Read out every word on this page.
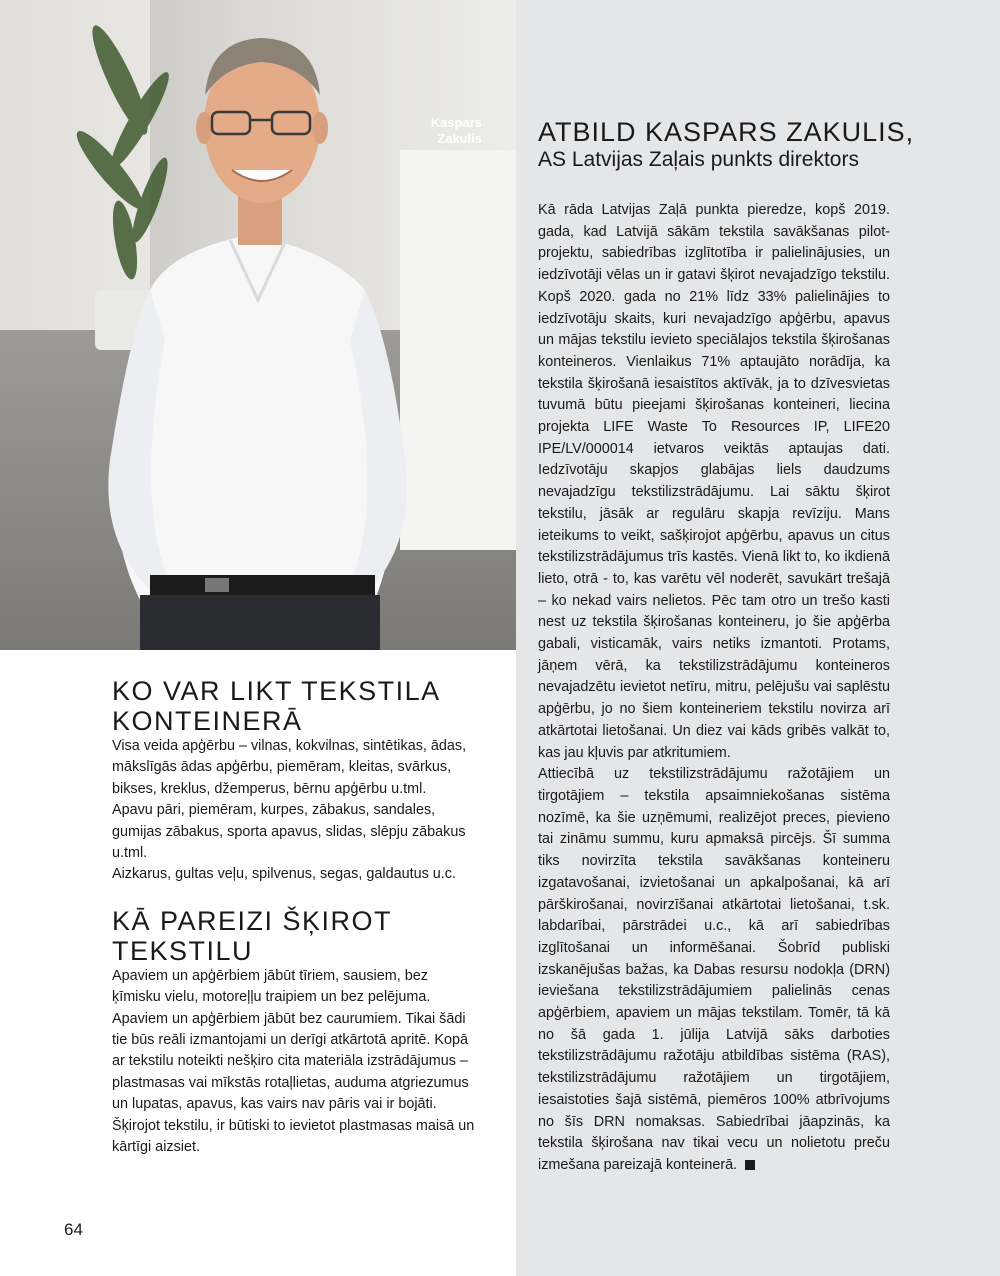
Kaspars
Zakulis ATBILD KASPARS ZAKULIS,
AS Latvijas Zaļais punkts direktors
Kā rāda Latvijas Zaļā punkta pieredze, kopš 2019. gada, kad Latvijā sākām tekstila savākšanas pilot-projektu, sabiedrības izglītotība ir palielinājusies, un iedzīvotāji vēlas un ir gatavi šķirot nevajadzīgo tekstilu. Kopš 2020. gada no 21% līdz 33% palielinājies to iedzīvotāju skaits, kuri nevajadzīgo apģērbu, apavus un mājas tekstilu ievieto speciālajos tekstila šķirošanas konteineros. Vienlaikus 71% aptaujāto norādīja, ka tekstila šķirošanā iesaistītos aktīvāk, ja to dzīvesvietas tuvumā būtu pieejami šķirošanas konteineri, liecina projekta LIFE Waste To Resources IP, LIFE20 IPE/LV/000014 ietvaros veiktās aptaujas dati. Iedzīvotāju skapjos glabājas liels daudzums nevajadzīgu tekstilizstrādājumu. Lai sāktu šķirot tekstilu, jāsāk ar regulāru skapja revīziju. Mans ieteikums to veikt, sašķirojot apģērbu, apavus un citus tekstilizstrādājumus trīs kastēs. Vienā likt to, ko ikdienā lieto, otrā - to, kas varētu vēl noderēt, savukārt trešajā – ko nekad vairs nelietos. Pēc tam otro un trešo kasti nest uz tekstila šķirošanas konteineru, jo šie apģērba gabali, visticamāk, vairs netiks izmantoti. Protams, jāņem vērā, ka tekstilizstrādājumu konteineros nevajadzētu ievietot netīru, mitru, pelējušu vai saplēstu apģērbu, jo no šiem konteineriem tekstilu novirza arī atkārtotai lietošanai. Un diez vai kāds gribēs valkāt to, kas jau kļuvis par atkritumiem.
Attiecībā uz tekstilizstrādājumu ražotājiem un tirgotājiem – tekstila apsaimniekošanas sistēma nozīmē, ka šie uzņēmumi, realizējot preces, pievieno tai zināmu summu, kuru apmaksā pircējs. Šī summa tiks novirzīta tekstila savākšanas konteineru izgatavošanai, izvietošanai un apkalpošanai, kā arī pārškirošanai, novirzīšanai atkārtotai lietošanai, t.sk. labdarībai, pārstrādei u.c., kā arī sabiedrības izglītošanai un informēšanai. Šobrīd publiski izskanējušas bažas, ka Dabas resursu nodokļa (DRN) ieviešana tekstilizstrādājumiem palielinās cenas apģērbiem, apaviem un mājas tekstilam. Tomēr, tā kā no šā gada 1. jūlija Latvijā sāks darboties tekstilizstrādājumu ražotāju atbildības sistēma (RAS), tekstilizstrādājumu ražotājiem un tirgotājiem, iesaistoties šajā sistēmā, piemēros 100% atbrīvojums no šīs DRN nomaksas. Sabiedrībai jāapzinās, ka tekstila šķirošana nav tikai vecu un nolietotu preču izmešana pareizajā konteinerā.
KO VAR LIKT TEKSTILA KONTEINERĀ

Visa veida apģērbu – vilnas, kokvilnas, sintētikas, ādas, mākslīgās ādas apģērbu, piemēram, kleitas, svārkus, bikses, kreklus, džemperus, bērnu apģērbu u.tml.
Apavu pāri, piemēram, kurpes, zābakus, sandales, gumijas zābakus, sporta apavus, slidas, slēpju zābakus u.tml.
Aizkarus, gultas veļu, spilvenus, segas, galdautus u.c.

KĀ PAREIZI ŠĶIROT TEKSTILU

Apaviem un apģērbiem jābūt tīriem, sausiem, bez ķīmisku vielu, motoreļļu traipiem un bez pelējuma. Apaviem un apģērbiem jābūt bez caurumiem. Tikai šādi tie būs reāli izmantojami un derīgi atkārtotā apritē. Kopā ar tekstilu noteikti nešķiro cita materiāla izstrādājumus – plastmasas vai mīkstās rotaļlietas, auduma atgriezumus un lupatas, apavus, kas vairs nav pāris vai ir bojāti. Šķirojot tekstilu, ir būtiski to ievietot plastmasas maisā un kārtīgi aizsiet.

64
